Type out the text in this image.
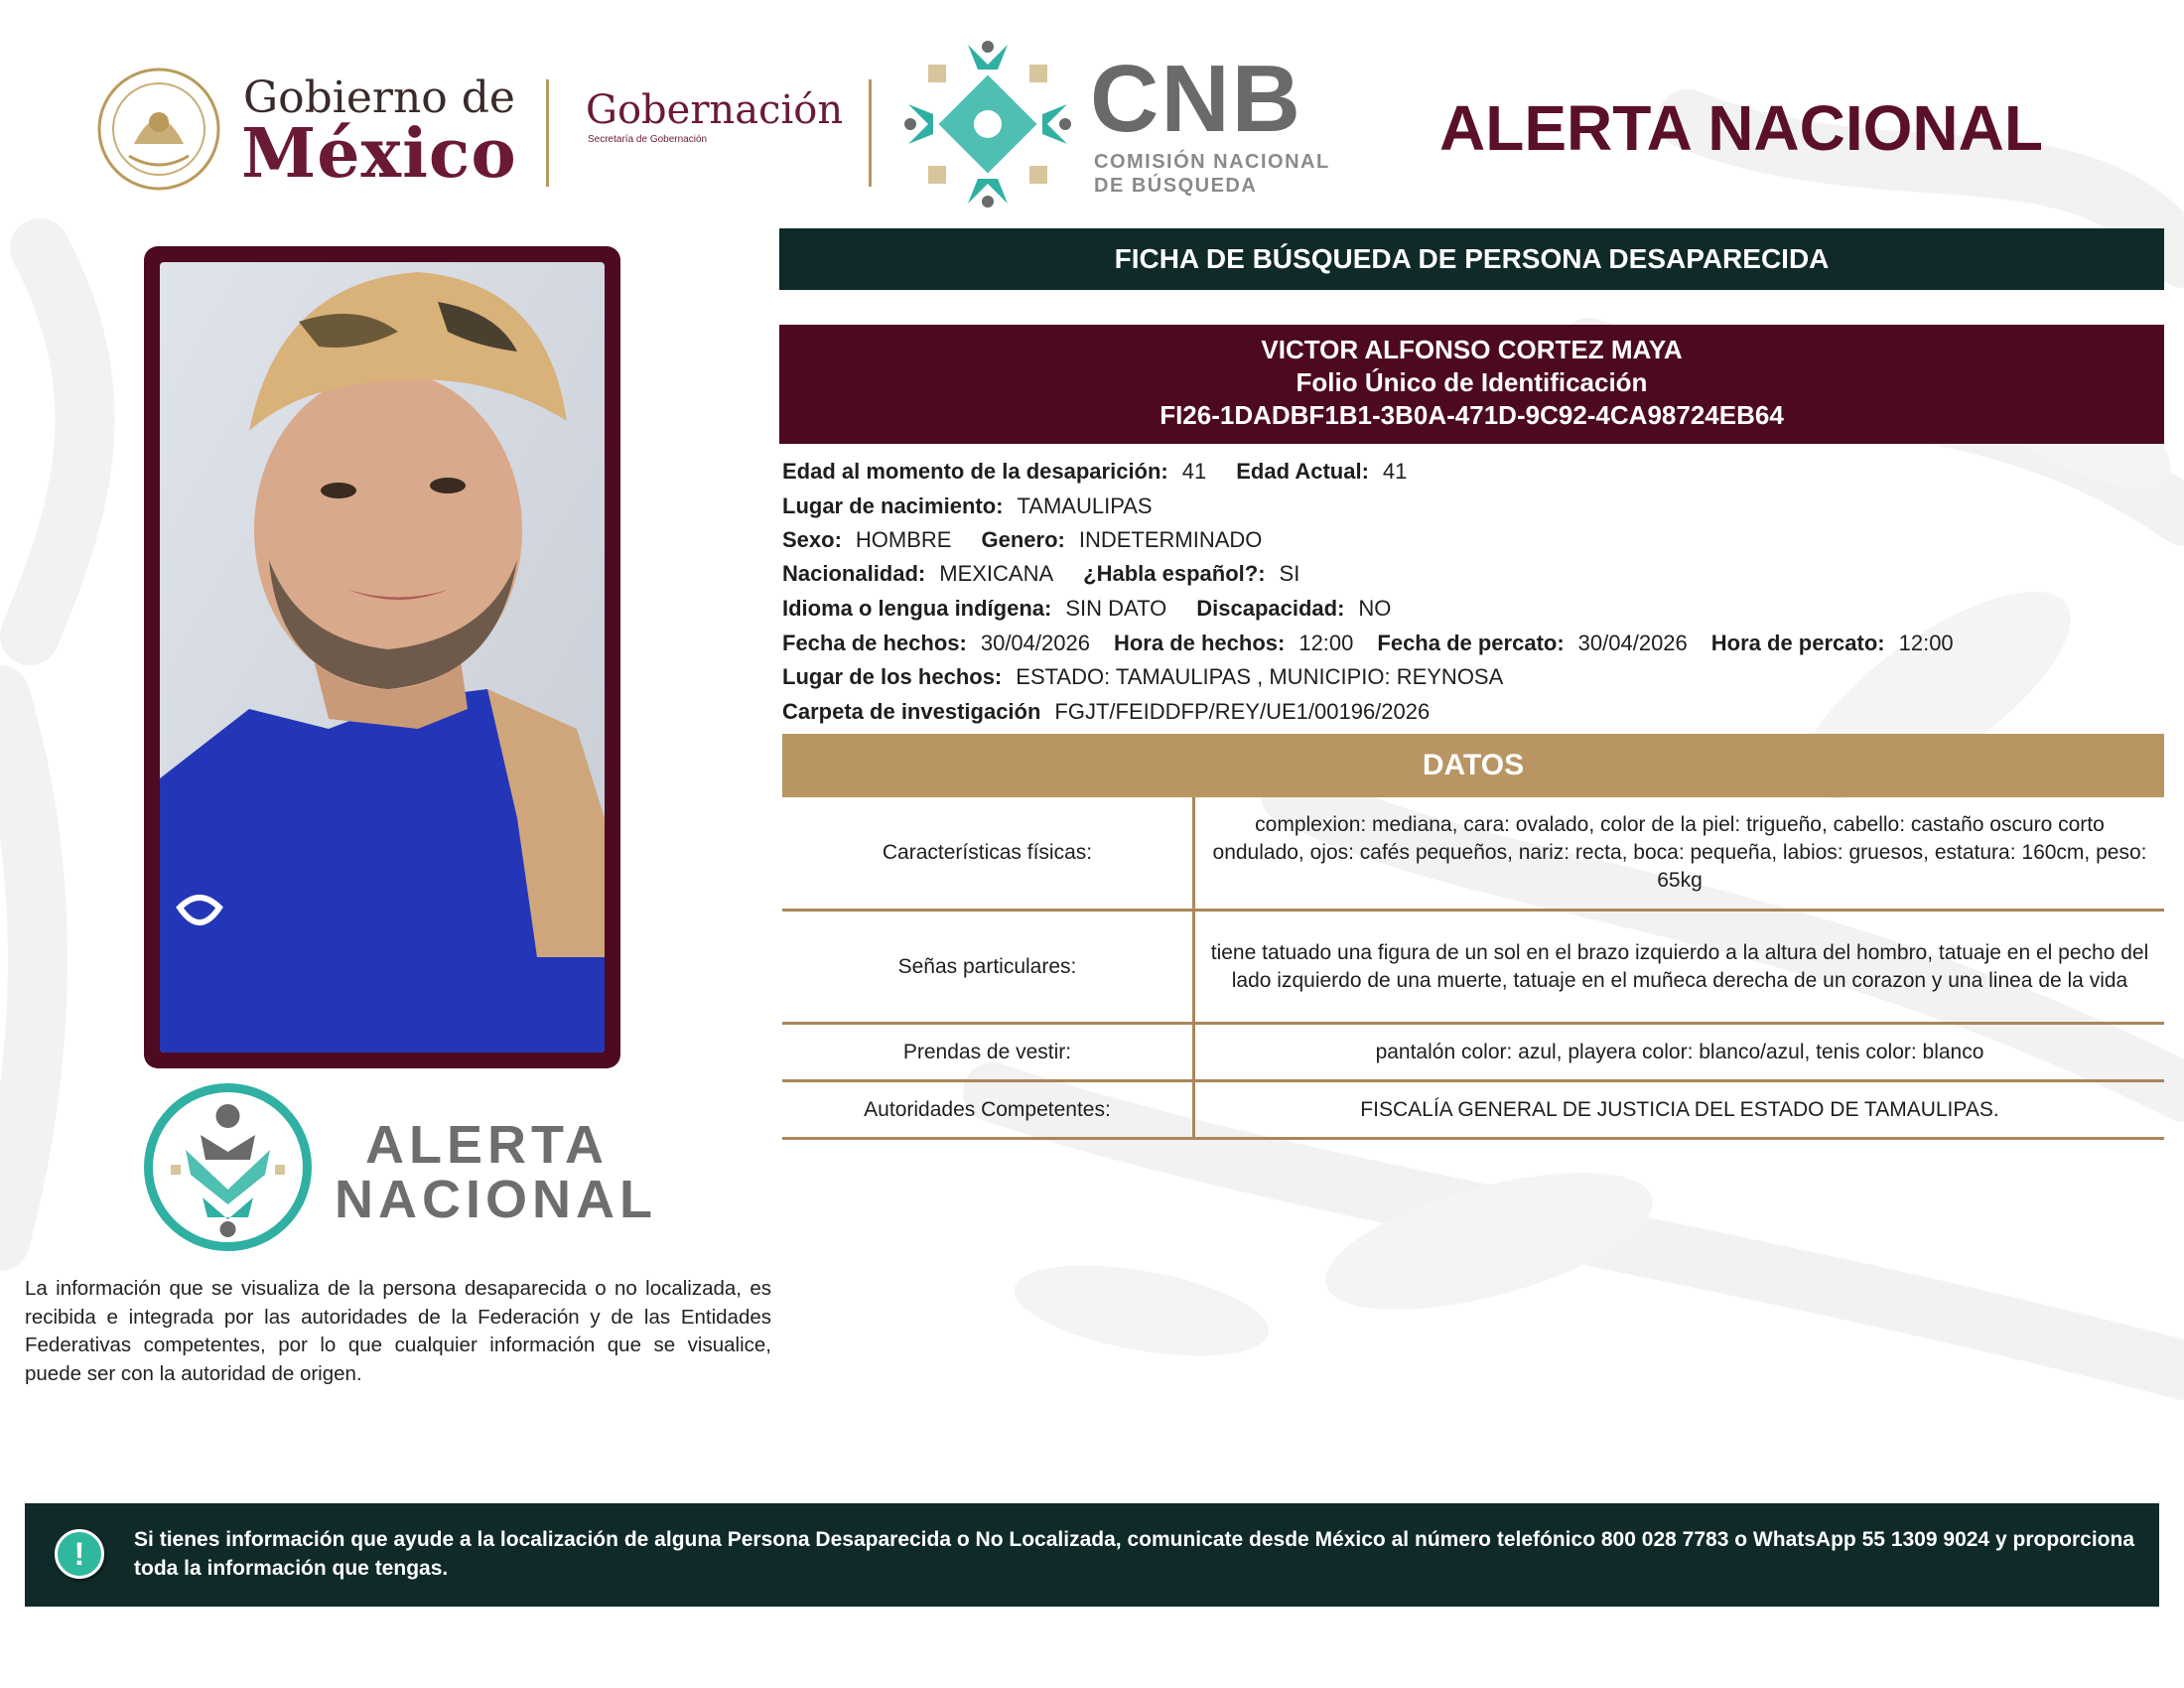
Gobierno de
México
Gobernación
Secretaría de Gobernación	CNB
COMISIÓN NACIONAL
DE BÚSQUEDA
ALERTA NACIONAL
FICHA DE BÚSQUEDA DE PERSONA DESAPARECIDA
VICTOR ALFONSO CORTEZ MAYA
Folio Único de Identificación
FI26-1DADBF1B1-3B0A-471D-9C92-4CA98724EB64
Edad al momento de la desaparición: 41 Edad Actual: 41
Lugar de nacimiento: TAMAULIPAS
Sexo: HOMBRE Genero: INDETERMINADO
Nacionalidad: MEXICANA ¿Habla español?: SI
Idioma o lengua indígena: SIN DATO Discapacidad: NO
Fecha de hechos: 30/04/2026 Hora de hechos: 12:00 Fecha de percato: 30/04/2026 Hora de percato: 12:00
Lugar de los hechos: ESTADO: TAMAULIPAS , MUNICIPIO: REYNOSA
Carpeta de investigación FGJT/FEIDDFP/REY/UE1/00196/2026
DATOS
Características físicas:
complexion: mediana, cara: ovalado, color de la piel: trigueño, cabello: castaño oscuro corto ondulado, ojos: cafés pequeños, nariz: recta, boca: pequeña, labios: gruesos, estatura: 160cm, peso: 65kg
Señas particulares:
tiene tatuado una figura de un sol en el brazo izquierdo a la altura del hombro, tatuaje en el pecho del lado izquierdo de una muerte, tatuaje en el muñeca derecha de un corazon y una linea de la vida
Prendas de vestir:	pantalón color: azul, playera color: blanco/azul, tenis color: blanco
Autoridades Competentes:	FISCALÍA GENERAL DE JUSTICIA DEL ESTADO DE TAMAULIPAS.
ALERTA
NACIONAL
La información que se visualiza de la persona desaparecida o no localizada, es recibida e integrada por las autoridades de la Federación y de las Entidades Federativas competentes, por lo que cualquier información que se visualice, puede ser con la autoridad de origen.
!	Si tienes información que ayude a la localización de alguna Persona Desaparecida o No Localizada, comunicate desde México al número telefónico 800 028 7783 o WhatsApp 55 1309 9024 y proporciona toda la información que tengas.
